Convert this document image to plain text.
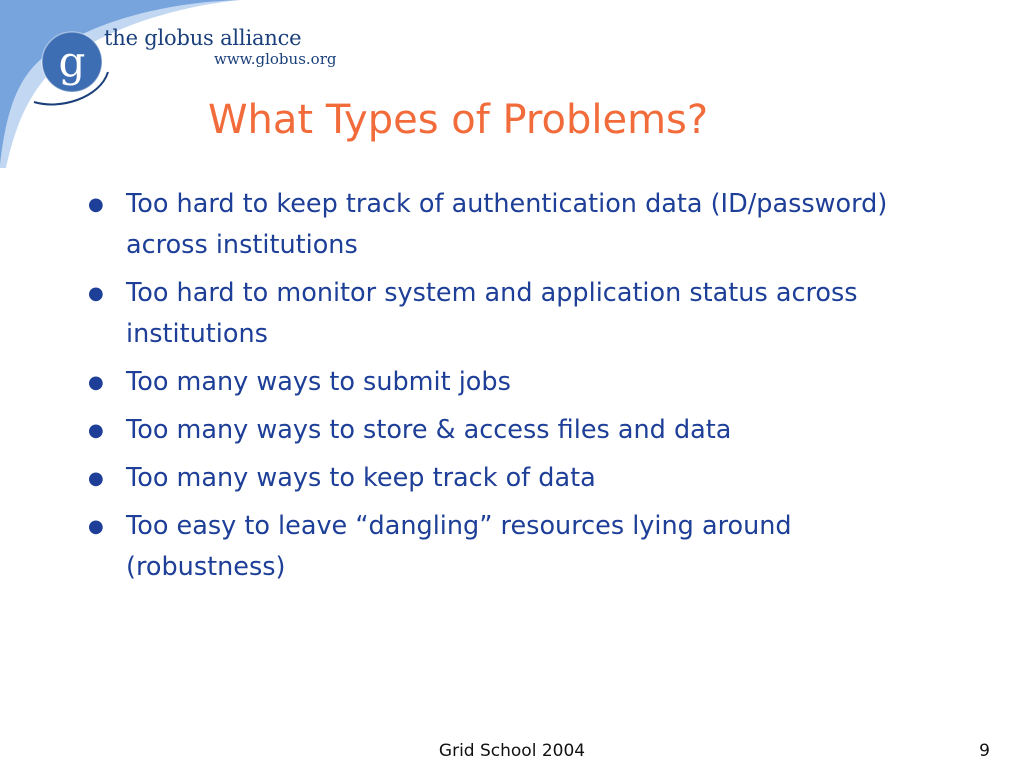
g the globus alliance
www.globus.org
What Types of Problems?
● Too hard to keep track of authentication data (ID/password) across institutions
● Too hard to monitor system and application status across institutions
● Too many ways to submit jobs
● Too many ways to store & access files and data
● Too many ways to keep track of data
● Too easy to leave “dangling” resources lying around (robustness)
Grid School 2004	9
